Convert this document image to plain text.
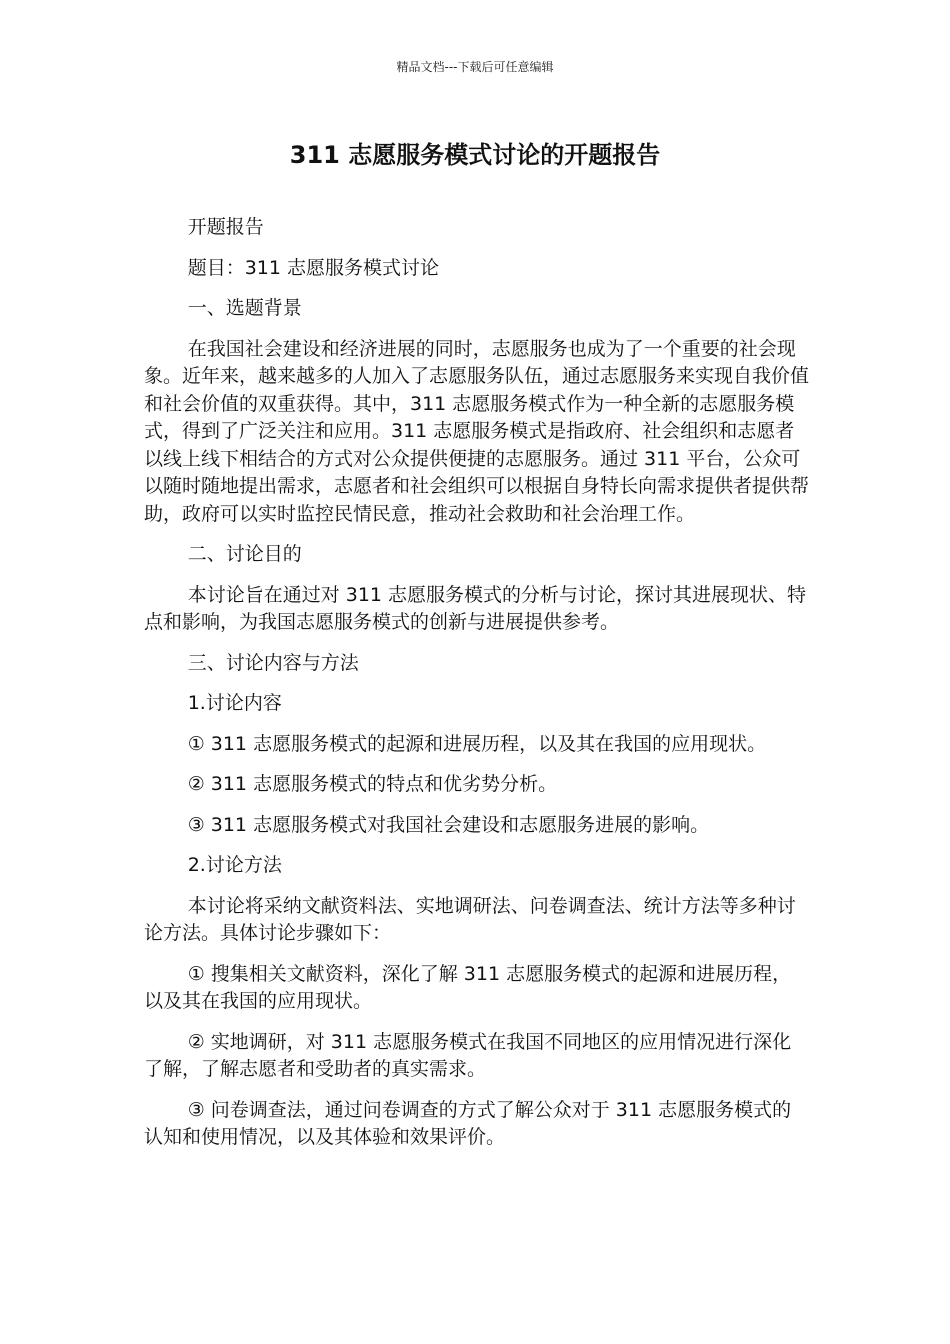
精品文档---下载后可任意编辑
311 志愿服务模式讨论的开题报告

开题报告

题目：311 志愿服务模式讨论

一、选题背景

在我国社会建设和经济进展的同时，志愿服务也成为了一个重要的社会现象。近年来，越来越多的人加入了志愿服务队伍，通过志愿服务来实现自我价值和社会价值的双重获得。其中，311 志愿服务模式作为一种全新的志愿服务模式，得到了广泛关注和应用。311 志愿服务模式是指政府、社会组织和志愿者以线上线下相结合的方式对公众提供便捷的志愿服务。通过 311 平台，公众可以随时随地提出需求，志愿者和社会组织可以根据自身特长向需求提供者提供帮助，政府可以实时监控民情民意，推动社会救助和社会治理工作。

二、讨论目的

本讨论旨在通过对 311 志愿服务模式的分析与讨论，探讨其进展现状、特点和影响，为我国志愿服务模式的创新与进展提供参考。

三、讨论内容与方法

1.讨论内容

① 311 志愿服务模式的起源和进展历程，以及其在我国的应用现状。

② 311 志愿服务模式的特点和优劣势分析。

③ 311 志愿服务模式对我国社会建设和志愿服务进展的影响。

2.讨论方法

本讨论将采纳文献资料法、实地调研法、问卷调查法、统计方法等多种讨论方法。具体讨论步骤如下：

① 搜集相关文献资料，深化了解 311 志愿服务模式的起源和进展历程，以及其在我国的应用现状。

② 实地调研，对 311 志愿服务模式在我国不同地区的应用情况进行深化了解，了解志愿者和受助者的真实需求。

③ 问卷调查法，通过问卷调查的方式了解公众对于 311 志愿服务模式的认知和使用情况，以及其体验和效果评价。
